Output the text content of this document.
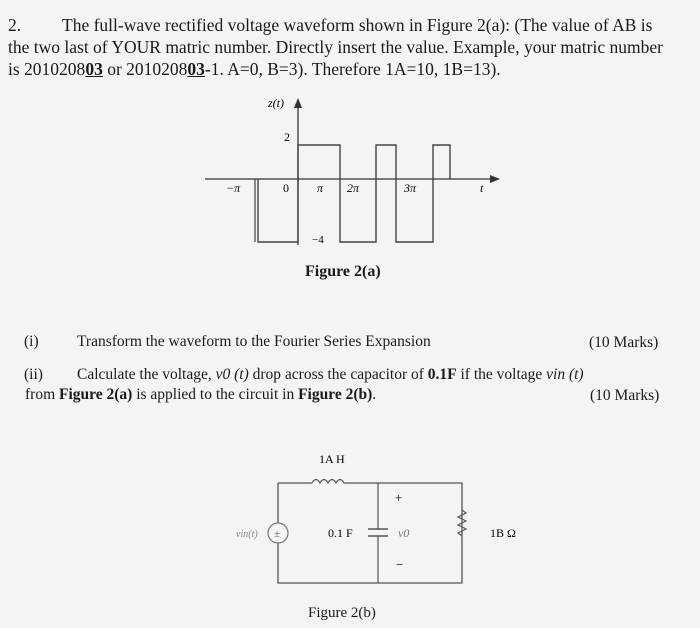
2. The full-wave rectified voltage waveform shown in Figure 2(a): (The value of AB is

the two last of YOUR matric number. Directly insert the value. Example, your matric number

is 201020803 or 201020803-1. A=0, B=3). Therefore 1A=10, 1B=13).

z(t)
2
−π	0 π 2π	3π	t
−4
Figure 2(a)
(i) Transform the waveform to the Fourier Series Expansion	(10 Marks)
(ii) Calculate the voltage, v0 (t) drop across the capacitor of 0.1F if the voltage vin (t)
from Figure 2(a) is applied to the circuit in Figure 2(b).	(10 Marks)
1A H
±
vin(t)	0.1 F
+
v0
−
1B Ω
Figure 2(b)
